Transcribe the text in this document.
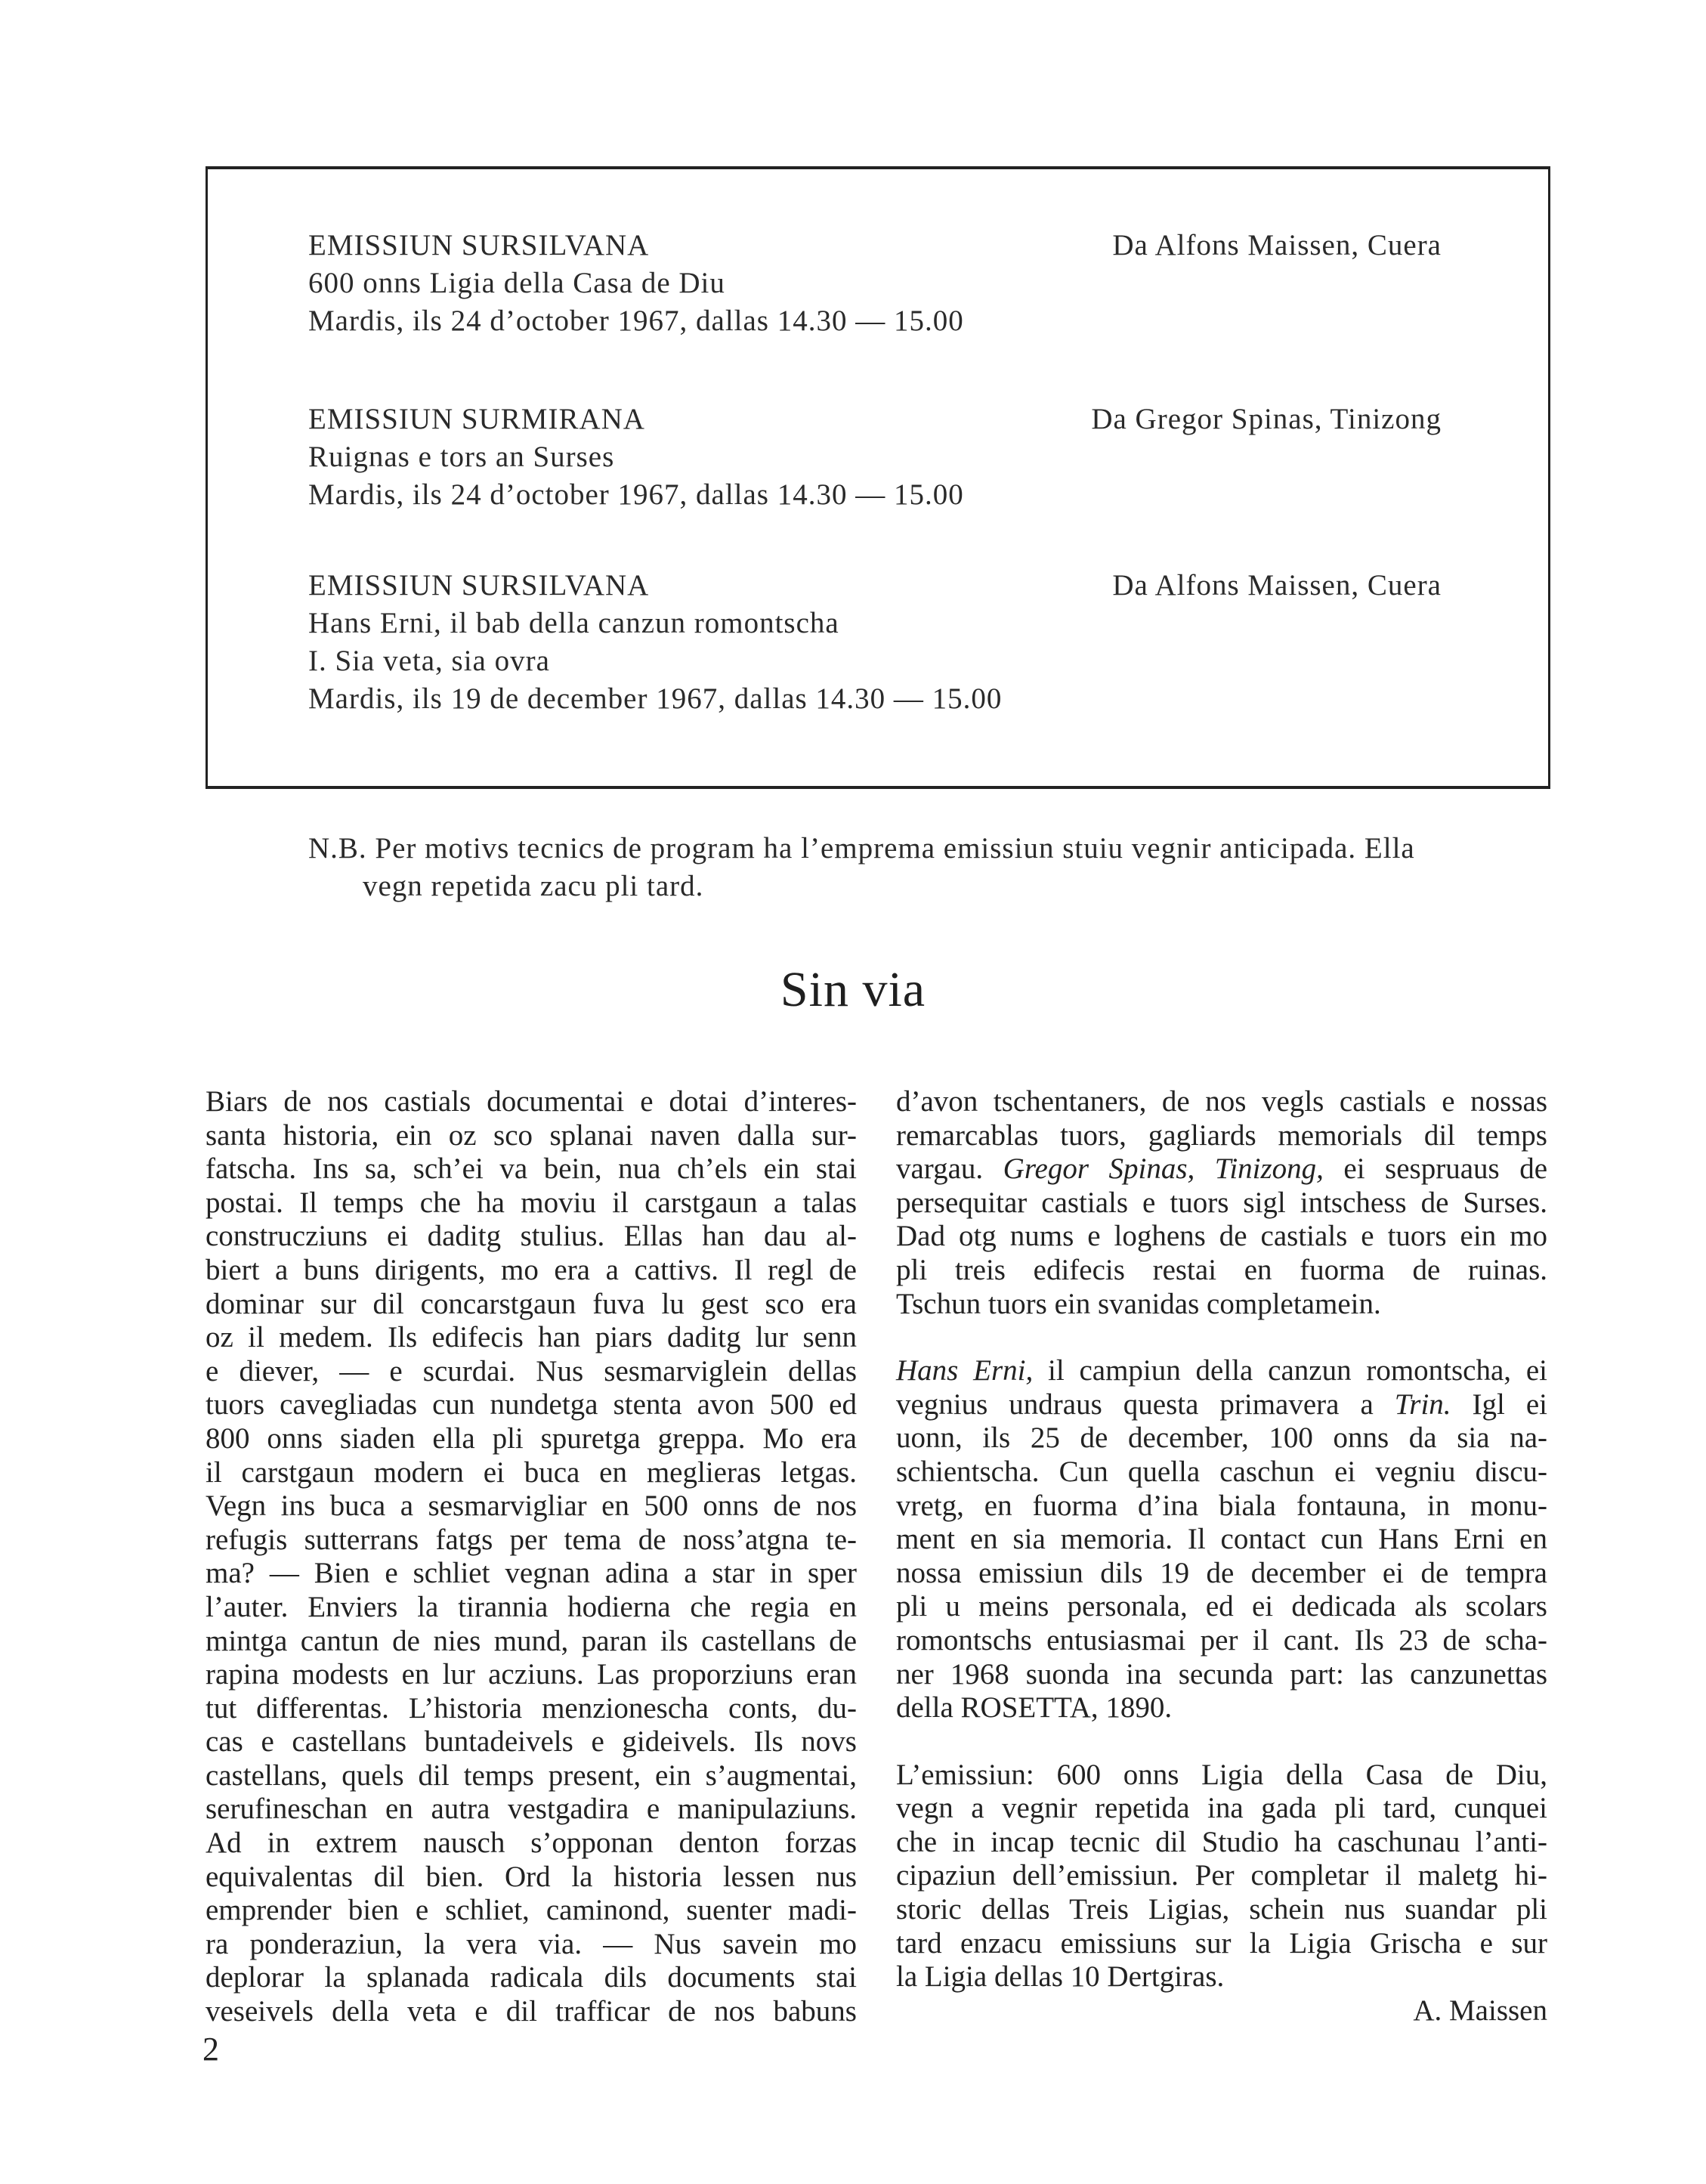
EMISSIUN SURSILVANA
600 onns Ligia della Casa de Diu
Mardis, ils 24 d’october 1967, dallas 14.30 — 15.00
Da Alfons Maissen, Cuera
EMISSIUN SURMIRANA
Ruignas e tors an Surses
Mardis, ils 24 d’october 1967, dallas 14.30 — 15.00
Da Gregor Spinas, Tinizong
EMISSIUN SURSILVANA
Hans Erni, il bab della canzun romontscha
I. Sia veta, sia ovra
Mardis, ils 19 de december 1967, dallas 14.30 — 15.00
Da Alfons Maissen, Cuera
N.B. Per motivs tecnics de program ha l’emprema emissiun stuiu vegnir anticipada. Ella
vegn repetida zacu pli tard.
Sin via
Biars de nos castials documentai e dotai d’interes-
santa historia, ein oz sco splanai naven dalla sur-
fatscha. Ins sa, sch’ei va bein, nua ch’els ein stai
postai. Il temps che ha moviu il carstgaun a talas
construcziuns ei daditg stulius. Ellas han dau al-
biert a buns dirigents, mo era a cattivs. Il regl de
dominar sur dil concarstgaun fuva lu gest sco era
oz il medem. Ils edifecis han piars daditg lur senn
e diever, — e scurdai. Nus sesmarviglein dellas
tuors cavegliadas cun nundetga stenta avon 500 ed
800 onns siaden ella pli spuretga greppa. Mo era
il carstgaun modern ei buca en meglieras letgas.
Vegn ins buca a sesmarvigliar en 500 onns de nos
refugis sutterrans fatgs per tema de noss’atgna te-
ma? — Bien e schliet vegnan adina a star in sper
l’auter. Enviers la tirannia hodierna che regia en
mintga cantun de nies mund, paran ils castellans de
rapina modests en lur acziuns. Las proporziuns eran
tut differentas. L’historia menzionescha conts, du-
cas e castellans buntadeivels e gideivels. Ils novs
castellans, quels dil temps present, ein s’augmentai,
serufineschan en autra vestgadira e manipulaziuns.
Ad in extrem nausch s’opponan denton forzas
equivalentas dil bien. Ord la historia lessen nus
emprender bien e schliet, caminond, suenter madi-
ra ponderaziun, la vera via. — Nus savein mo
deplorar la splanada radicala dils documents stai
veseivels della veta e dil trafficar de nos babuns
d’avon tschentaners, de nos vegls castials e nossas
remarcablas tuors, gagliards memorials dil temps
vargau. Gregor Spinas, Tinizong, ei sespruaus de
persequitar castials e tuors sigl intschess de Surses.
Dad otg nums e loghens de castials e tuors ein mo
pli treis edifecis restai en fuorma de ruinas.
Tschun tuors ein svanidas completamein.
Hans Erni, il campiun della canzun romontscha, ei
vegnius undraus questa primavera a Trin. Igl ei
uonn, ils 25 de december, 100 onns da sia na-
schientscha. Cun quella caschun ei vegniu discu-
vretg, en fuorma d’ina biala fontauna, in monu-
ment en sia memoria. Il contact cun Hans Erni en
nossa emissiun dils 19 de december ei de tempra
pli u meins personala, ed ei dedicada als scolars
romontschs entusiasmai per il cant. Ils 23 de scha-
ner 1968 suonda ina secunda part: las canzunettas
della ROSETTA, 1890.
L’emissiun: 600 onns Ligia della Casa de Diu,
vegn a vegnir repetida ina gada pli tard, cunquei
che in incap tecnic dil Studio ha caschunau l’anti-
cipaziun dell’emissiun. Per completar il maletg hi-
storic dellas Treis Ligias, schein nus suandar pli
tard enzacu emissiuns sur la Ligia Grischa e sur
la Ligia dellas 10 Dertgiras.
A. Maissen
2
